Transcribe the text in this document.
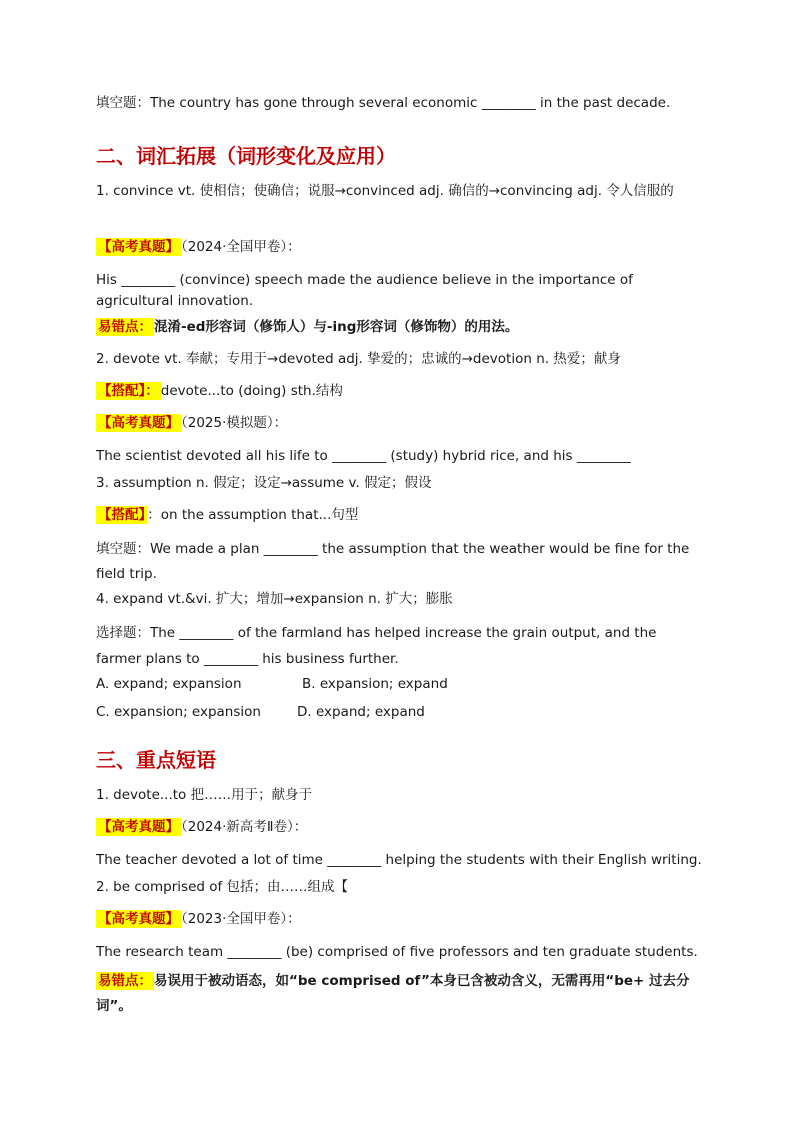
填空题：The country has gone through several economic ________ in the past decade.
二、词汇拓展（词形变化及应用）
1. convince vt. 使相信；使确信；说服→convinced adj. 确信的→convincing adj. 令人信服的
【高考真题】 （2024·全国甲卷）：
His ________ (convince) speech made the audience believe in the importance of agricultural innovation.
易错点： 混淆-ed形容词（修饰人）与-ing形容词（修饰物）的用法。
2. devote vt. 奉献；专用于→devoted adj. 挚爱的；忠诚的→devotion n. 热爱；献身
【搭配】： devote...to (doing) sth.结构
【高考真题】 （2025·模拟题）：
The scientist devoted all his life to ________ (study) hybrid rice, and his ________
3. assumption n. 假定；设定→assume v. 假定；假设
【搭配】 ：on the assumption that...句型
填空题：We made a plan ________ the assumption that the weather would be fine for the field trip.
4. expand vt.&vi. 扩大；增加→expansion n. 扩大；膨胀
选择题：The ________ of the farmland has helped increase the grain output, and the farmer plans to ________ his business further.
A. expand; expansion	B. expansion; expand
C. expansion; expansion	D. expand; expand
三、重点短语
1. devote...to 把……用于；献身于
【高考真题】 （2024·新高考Ⅱ卷）：
The teacher devoted a lot of time ________ helping the students with their English writing.
2. be comprised of 包括；由……组成【
【高考真题】 （2023·全国甲卷）：
The research team ________ (be) comprised of five professors and ten graduate students.
易错点： 易误用于被动语态，如“be comprised of”本身已含被动含义，无需再用“be+ 过去分词”。
